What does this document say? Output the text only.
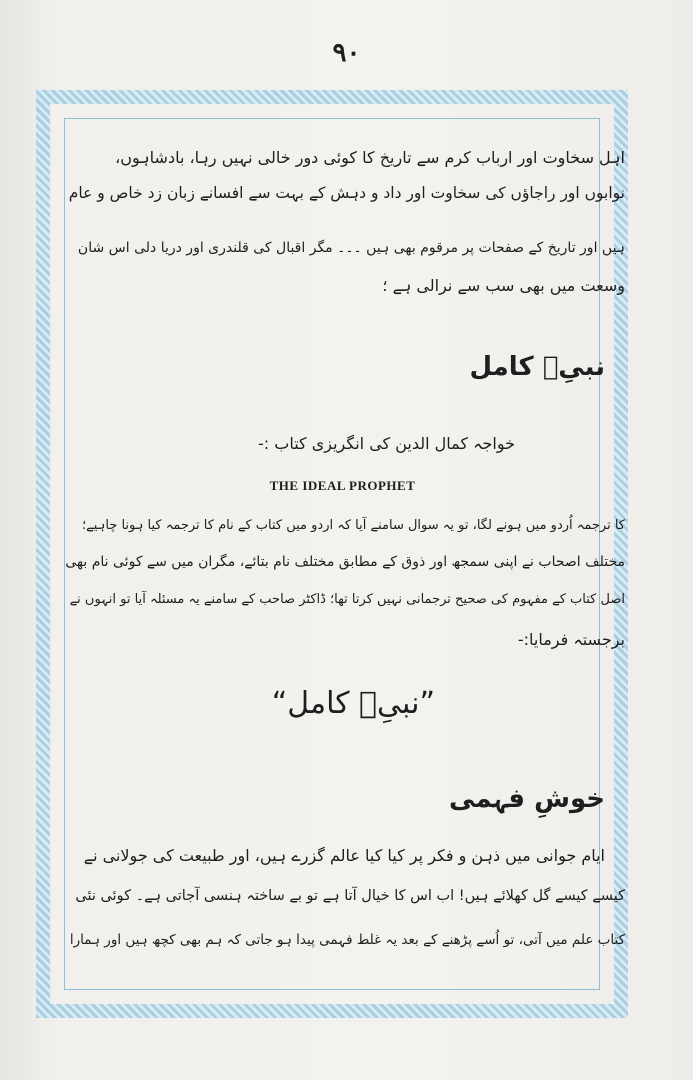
۹۰
اہل سخاوت اور ارباب کرم سے تاریخ کا کوئی دور خالی نہیں رہا، بادشاہوں،
نوابوں اور راجاؤں کی سخاوت اور داد و دہش کے بہت سے افسانے زبان زد خاص و عام
ہیں اور تاریخ کے صفحات پر مرقوم بھی ہیں ۔۔۔ مگر اقبال کی قلندری اور دریا دلی اس شان
وسعت میں بھی سب سے نرالی ہے ؛
نبیِؐ کامل
خواجہ کمال الدین کی انگریزی کتاب :-
THE IDEAL PROPHET
کا ترجمہ اُردو میں ہونے لگا، تو یہ سوال سامنے آیا کہ اردو میں کتاب کے نام کا ترجمہ کیا ہونا چاہیے؛
مختلف اصحاب نے اپنی سمجھ اور ذوق کے مطابق مختلف نام بتائے، مگران میں سے کوئی نام بھی
اصل کتاب کے مفہوم کی صحیح ترجمانی نہیں کرتا تھا؛ ڈاکٹر صاحب کے سامنے یہ مسئلہ آیا تو انہوں نے
برجستہ فرمایا:-
”نبیِؐ کامل“
خوشِ فہمی
ایام جوانی میں ذہن و فکر پر کیا کیا عالم گزرے ہیں، اور طبیعت کی جولانی نے
کیسے کیسے گل کھلائے ہیں! اب اس کا خیال آتا ہے تو بے ساختہ ہنسی آجاتی ہے۔ کوئی نئی
کتاب علم میں آتی، تو اُسے پڑھنے کے بعد یہ غلط فہمی پیدا ہو جاتی کہ ہم بھی کچھ ہیں اور ہمارا
